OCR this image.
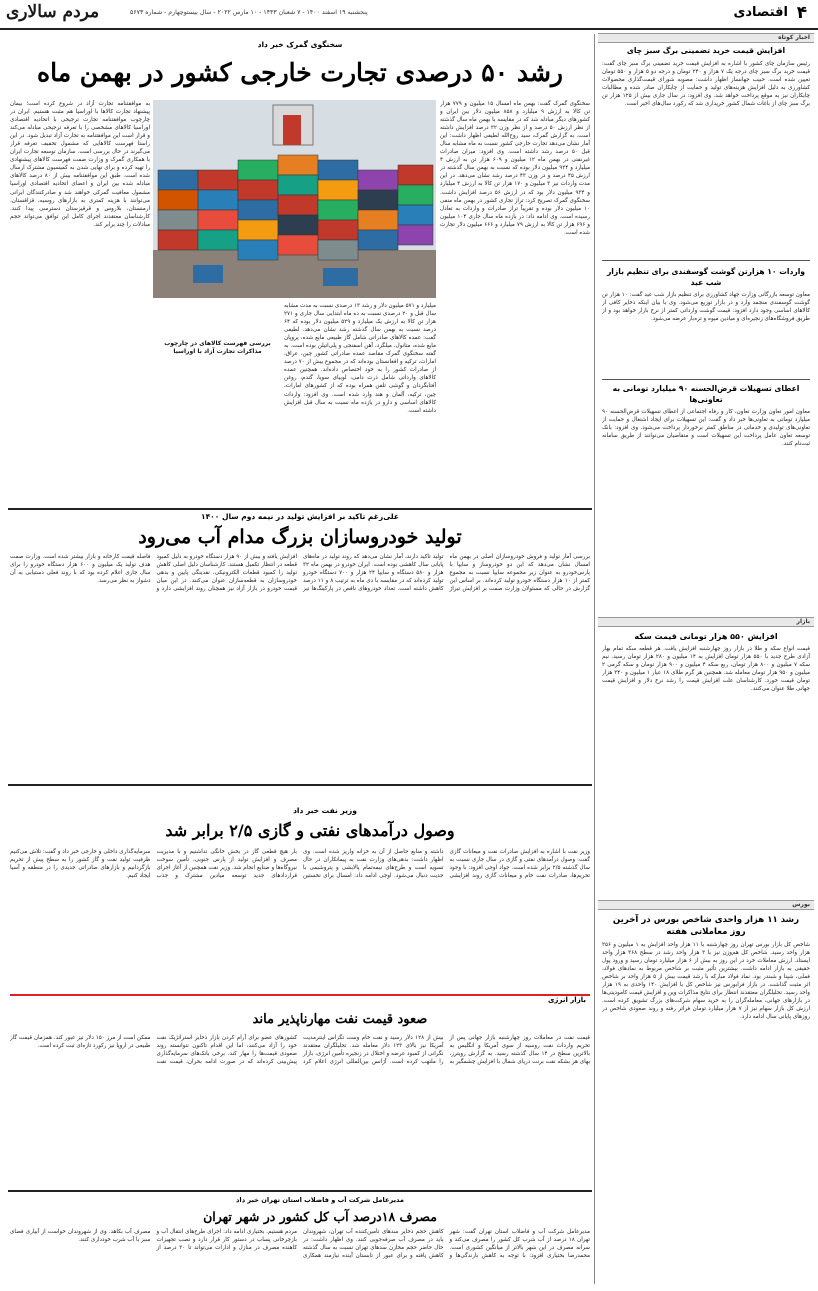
مردم سالاری	پنجشنبه ۱۹ اسفند ۱۴۰۰ - ۷ شعبان ۱۴۴۳ - ۱۰ مارس ۲۰۲۲ - سال بیستوچهارم - شماره ۵۶۷۳	اقتصادی ۴
اخبار کوتاه
افزایش قیمت خرید تضمینی برگ سبز چای
رئیس سازمان چای کشور با اشاره به افزایش قیمت خرید تضمینی برگ سبز چای گفت: قیمت خرید برگ سبز چای درجه یک ۷ هزار و ۲۴۰ تومان و درجه دو ۵ هزار و ۵۵۰ تومان تعیین شده است. حبیب جهانساز اظهار داشت: مصوبه شورای قیمت‌گذاری محصولات کشاورزی به دلیل افزایش هزینه‌های تولید و حمایت از چایکاران صادر شده و مطالبات چایکاران نیز به موقع پرداخت خواهد شد. وی افزود: در سال جاری بیش از ۱۲۵ هزار تن برگ سبز چای از باغات شمال کشور خریداری شد که رکورد سال‌های اخیر است.
واردات ۱۰ هزارتن گوشت گوسفندی برای تنظیم بازار شب عید
معاون توسعه بازرگانی وزارت جهاد کشاورزی برای تنظیم بازار شب عید گفت: ۱۰ هزار تن گوشت گوسفندی منجمد وارد و در بازار توزیع می‌شود. وی با بیان اینکه ذخایر کافی از کالاهای اساسی وجود دارد افزود: قیمت گوشت وارداتی کمتر از نرخ بازار خواهد بود و از طریق فروشگاه‌های زنجیره‌ای و میادین میوه و تره‌بار عرضه می‌شود.
اعطای تسهیلات قرض‌الحسنه ۹۰ میلیارد تومانی به تعاونی‌ها
معاون امور تعاون وزارت تعاون، کار و رفاه اجتماعی از اعطای تسهیلات قرض‌الحسنه ۹۰ میلیارد تومانی به تعاونی‌ها خبر داد و گفت: این تسهیلات برای ایجاد اشتغال و حمایت از تعاونی‌های تولیدی و خدماتی در مناطق کمتر برخوردار پرداخت می‌شود. وی افزود: بانک توسعه تعاون عامل پرداخت این تسهیلات است و متقاضیان می‌توانند از طریق سامانه ثبت‌نام کنند.
بازار
افزایش ۵۵۰ هزار تومانی قیمت سکه
قیمت انواع سکه و طلا در بازار روز چهارشنبه افزایش یافت. هر قطعه سکه تمام بهار آزادی طرح جدید با ۵۵۰ هزار تومان افزایش به ۱۴ میلیون و ۲۸۰ هزار تومان رسید. نیم سکه ۷ میلیون و ۸۰۰ هزار تومان، ربع سکه ۴ میلیون و ۹۰۰ هزار تومان و سکه گرمی ۲ میلیون و ۹۵۰ هزار تومان معامله شد. همچنین هر گرم طلای ۱۸ عیار ۱ میلیون و ۳۴۰ هزار تومان قیمت خورد. کارشناسان علت افزایش قیمت را رشد نرخ دلار و افزایش قیمت جهانی طلا عنوان می‌کنند.
بورس
رشد ۱۱ هزار واحدی شاخص بورس در آخرین روز معاملاتی هفته
شاخص کل بازار بورس تهران روز چهارشنبه با ۱۱ هزار واحد افزایش به ۱ میلیون و ۳۵۶ هزار واحد رسید. شاخص کل هم‌وزن نیز با ۳ هزار واحد رشد در سطح ۳۶۸ هزار واحد ایستاد. ارزش معاملات خرد در این روز به بیش از ۶ هزار میلیارد تومان رسید و ورود پول حقیقی به بازار ادامه داشت. بیشترین تأثیر مثبت بر شاخص مربوط به نمادهای فولاد، فملی، شپنا و شبندر بود. نماد فولاد مبارکه با رشد قیمت بیش از ۵ هزار واحد بر شاخص اثر مثبت گذاشت. در بازار فرابورس نیز شاخص کل با افزایش ۱۴۰ واحدی به ۱۹ هزار واحد رسید. تحلیلگران معتقدند انتظار برای نتایج مذاکرات وین و افزایش قیمت کامودیتی‌ها در بازارهای جهانی، معامله‌گران را به خرید سهام شرکت‌های بزرگ تشویق کرده است. ارزش کل بازار سهام نیز از ۷ هزار میلیارد تومان فراتر رفته و روند صعودی شاخص در روزهای پایانی سال ادامه دارد.
سخنگوی گمرک خبر داد
رشد ۵۰ درصدی تجارت خارجی کشور در بهمن ماه
سخنگوی گمرک گفت: بهمن ماه امسال ۱۵ میلیون و ۷۷۹ هزار تن کالا به ارزش ۹ میلیارد و ۸۵۸ میلیون دلار بین ایران و کشورهای دیگر مبادله شد که در مقایسه با بهمن ماه سال گذشته از نظر ارزش ۵۰ درصد و از نظر وزن ۳۲ درصد افزایش داشته است. به گزارش گمرک، سید روح‌الله لطیفی اظهار داشت: این آمار نشان می‌دهد تجارت خارجی کشور نسبت به ماه مشابه سال قبل ۵۰ درصد رشد داشته است. وی افزود: میزان صادرات غیرنفتی در بهمن ماه ۱۲ میلیون و ۶۰۹ هزار تن به ارزش ۴ میلیارد و ۹۲۴ میلیون دلار بوده که نسبت به بهمن سال گذشته در ارزش ۴۵ درصد و در وزن ۴۳ درصد رشد نشان می‌دهد. در این مدت واردات نیز ۳ میلیون و ۱۷۰ هزار تن کالا به ارزش ۴ میلیارد و ۹۳۴ میلیون دلار بود که در ارزش ۵۶ درصد افزایش داشت. سخنگوی گمرک تصریح کرد: تراز تجاری کشور در بهمن ماه منفی ۱۰ میلیون دلار بوده و تقریباً تراز صادرات و واردات به تعادل رسیده است. وی ادامه داد: در یازده ماه سال جاری ۱۰۴ میلیون و ۶۹۶ هزار تن کالا به ارزش ۷۹ میلیارد و ۶۶۶ میلیون دلار تجارت شده است.
میلیارد و ۵۷۱ میلیون دلار و رشد ۱۳ درصدی نسبت به مدت مشابه سال قبل و ۲۰ درصدی نسبت به ده ماه ابتدایی سال جاری و ۲۷۱ هزار تن کالا به ارزش یک میلیارد و ۵۲۹ میلیون دلار بوده که ۶۴ درصد نسبت به بهمن سال گذشته رشد نشان می‌دهد. لطیفی گفت: عمده کالاهای صادراتی شامل گاز طبیعی مایع شده، پروپان مایع شده، متانول، میلگرد، آهن اسفنجی و پلی‌اتیلن بوده است. به گفته سخنگوی گمرک مقاصد عمده صادراتی کشور چین، عراق، امارات، ترکیه و افغانستان بوده‌اند که در مجموع بیش از ۷۰ درصد از صادرات کشور را به خود اختصاص داده‌اند. همچنین عمده کالاهای وارداتی شامل ذرت دامی، لوبیای سویا، گندم، روغن آفتابگردان و گوشی تلفن همراه بوده که از کشورهای امارات، چین، ترکیه، آلمان و هند وارد شده است. وی افزود: واردات کالاهای اساسی و دارو در یازده ماه نسبت به سال قبل افزایش داشته است.
به موافقتنامه تجارت آزاد در شروع کرده است؛ بیمان پیشنهاد تجارت کالاها با اوراسیا هم مثبت هستیم. ایران در چارچوب موافقتنامه تجارت ترجیحی با اتحادیه اقتصادی اوراسیا کالاهای مشخصی را با تعرفه ترجیحی مبادله می‌کند و قرار است این موافقتنامه به تجارت آزاد تبدیل شود. در این راستا فهرست کالاهایی که مشمول تخفیف تعرفه قرار می‌گیرند در حال بررسی است. سازمان توسعه تجارت ایران با همکاری گمرک و وزارت صمت فهرست کالاهای پیشنهادی را تهیه کرده و برای نهایی شدن به کمیسیون مشترک ارسال شده است. طبق این موافقتنامه بیش از ۸۰ درصد کالاهای مبادله شده بین ایران و اعضای اتحادیه اقتصادی اوراسیا مشمول معافیت گمرکی خواهند شد و صادرکنندگان ایرانی می‌توانند با هزینه کمتری به بازارهای روسیه، قزاقستان، ارمنستان، بلاروس و قرقیزستان دسترسی پیدا کنند. کارشناسان معتقدند اجرای کامل این توافق می‌تواند حجم مبادلات را چند برابر کند.
بررسی فهرست کالاهای در چارچوب مذاکرات تجارت آزاد با اوراسیا
علی‌رغم تاکید بر افزایش تولید در نیمه دوم سال ۱۴۰۰
تولید خودروسازان بزرگ مدام آب می‌رود
بررسی آمار تولید و فروش خودروسازان اصلی در بهمن ماه امسال نشان می‌دهد که این دو خودروساز و سایپا با پارس‌خودرو به عنوان زیر مجموعه سایپا نسبت به مجموع کمتر از ۱۰ هزار دستگاه خودرو تولید کرده‌اند. بر اساس این گزارش در حالی که مسئولان وزارت صمت بر افزایش تیراژ تولید تاکید دارند، آمار نشان می‌دهد که روند تولید در ماه‌های پایانی سال کاهشی بوده است. ایران خودرو در بهمن ماه ۳۲ هزار و ۵۸۰ دستگاه و سایپا ۲۴ هزار و ۷۰۰ دستگاه خودرو تولید کرده‌اند که در مقایسه با دی ماه به ترتیب ۸ و ۱۱ درصد کاهش داشته است. تعداد خودروهای ناقص در پارکینگ‌ها نیز افزایش یافته و بیش از ۹۰ هزار دستگاه خودرو به دلیل کمبود قطعه در انتظار تکمیل هستند. کارشناسان دلیل اصلی کاهش تولید را کمبود قطعات الکترونیکی، نقدینگی پایین و بدهی خودروسازان به قطعه‌سازان عنوان می‌کنند. در این میان قیمت خودرو در بازار آزاد نیز همچنان روند افزایشی دارد و فاصله قیمت کارخانه و بازار بیشتر شده است. وزارت صمت هدف تولید یک میلیون و ۶۰۰ هزار دستگاه خودرو را برای سال جاری اعلام کرده بود که با روند فعلی دستیابی به آن دشوار به نظر می‌رسد.
وزیر نفت خبر داد
وصول درآمدهای نفتی و گازی ۲/۵ برابر شد
وزیر نفت با اشاره به افزایش صادرات نفت و میعانات گازی گفت: وصول درآمدهای نفتی و گازی در سال جاری نسبت به سال گذشته ۲/۵ برابر شده است. جواد اوجی افزود: با وجود تحریم‌ها، صادرات نفت خام و میعانات گازی روند افزایشی داشته و منابع حاصل از آن به خزانه واریز شده است. وی اظهار داشت: بدهی‌های وزارت نفت به پیمانکاران در حال تسویه است و طرح‌های نیمه‌تمام پالایشی و پتروشیمی با جدیت دنبال می‌شود. اوجی ادامه داد: امسال برای نخستین بار هیچ قطعی گاز در بخش خانگی نداشتیم و با مدیریت مصرف و افزایش تولید از پارس جنوبی، تأمین سوخت نیروگاه‌ها و صنایع انجام شد. وزیر نفت همچنین از آغاز اجرای قراردادهای جدید توسعه میادین مشترک و جذب سرمایه‌گذاری داخلی و خارجی خبر داد و گفت: تلاش می‌کنیم ظرفیت تولید نفت و گاز کشور را به سطح پیش از تحریم بازگردانیم و بازارهای صادراتی جدیدی را در منطقه و آسیا ایجاد کنیم.
بازار انرژی
صعود قیمت نفت مهارناپذیر ماند
قیمت نفت در معاملات روز چهارشنبه بازار جهانی پس از تحریم واردات نفت روسیه از سوی آمریکا و انگلیس به بالاترین سطح در ۱۴ سال گذشته رسید. به گزارش رویترز، بهای هر بشکه نفت برنت دریای شمال با افزایش چشمگیر به بیش از ۱۲۸ دلار رسید و نفت خام وست تگزاس اینترمدیت آمریکا نیز بالای ۱۲۳ دلار معامله شد. تحلیلگران معتقدند نگرانی از کمبود عرضه و اختلال در زنجیره تأمین انرژی، بازار را ملتهب کرده است. آژانس بین‌المللی انرژی اعلام کرد کشورهای عضو برای آرام کردن بازار ذخایر استراتژیک نفت خود را آزاد می‌کنند، اما این اقدام تاکنون نتوانسته روند صعودی قیمت‌ها را مهار کند. برخی بانک‌های سرمایه‌گذاری پیش‌بینی کرده‌اند که در صورت ادامه بحران، قیمت نفت ممکن است از مرز ۱۵۰ دلار نیز عبور کند. همزمان قیمت گاز طبیعی در اروپا نیز رکورد تازه‌ای ثبت کرده است.
مدیرعامل شرکت آب و فاضلاب استان تهران خبر داد
مصرف ۱۸درصد آب کل کشور در شهر تهران
مدیرعامل شرکت آب و فاضلاب استان تهران گفت: شهر تهران ۱۸ درصد از آب شرب کل کشور را مصرف می‌کند و سرانه مصرف در این شهر بالاتر از میانگین کشوری است. محمدرضا بختیاری افزود: با توجه به کاهش بارندگی‌ها و کاهش حجم ذخایر سدهای تأمین‌کننده آب تهران، شهروندان باید در مصرف آب صرفه‌جویی کنند. وی اظهار داشت: در حال حاضر حجم مخازن سدهای تهران نسبت به سال گذشته کاهش یافته و برای عبور از تابستان آینده نیازمند همکاری مردم هستیم. بختیاری ادامه داد: اجرای طرح‌های انتقال آب و بازچرخانی پساب در دستور کار قرار دارد و نصب تجهیزات کاهنده مصرف در منازل و ادارات می‌تواند تا ۳۰ درصد از مصرف آب بکاهد. وی از شهروندان خواست از آبیاری فضای سبز با آب شرب خودداری کنند.
